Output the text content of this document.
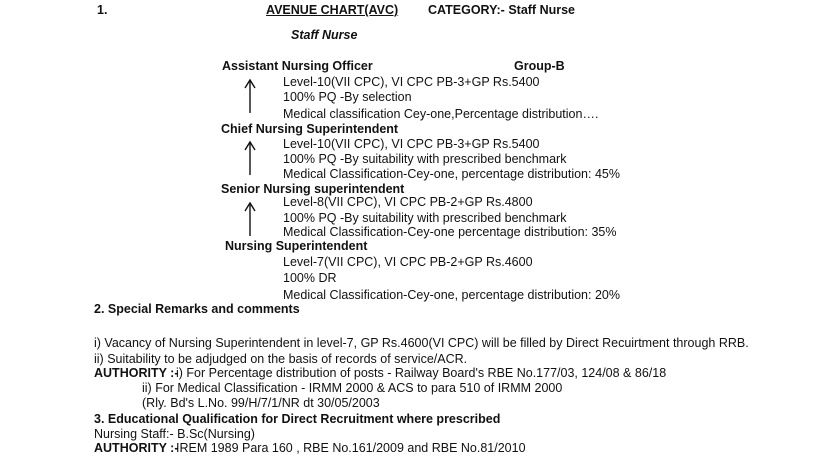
1.	AVENUE CHART(AVC) CATEGORY:- Staff Nurse
Staff Nurse
Assistant Nursing Officer	Group-B
Level-10(VII CPC), VI CPC PB-3+GP Rs.5400
100% PQ -By selection
Medical classification Cey-one,Percentage distribution….
Chief Nursing Superintendent
Level-10(VII CPC), VI CPC PB-3+GP Rs.5400
100% PQ -By suitability with prescribed benchmark
Medical Classification-Cey-one, percentage distribution: 45%
Senior Nursing superintendent
Level-8(VII CPC), VI CPC PB-2+GP Rs.4800
100% PQ -By suitability with prescribed benchmark
Medical Classification-Cey-one percentage distribution: 35%
Nursing Superintendent
Level-7(VII CPC), VI CPC PB-2+GP Rs.4600
100% DR
Medical Classification-Cey-one, percentage distribution: 20%
2. Special Remarks and comments
i) Vacancy of Nursing Superintendent in level-7, GP Rs.4600(VI CPC) will be filled by Direct Recuirtment through RRB.
ii) Suitability to be adjudged on the basis of records of service/ACR.
AUTHORITY :-
i) For Percentage distribution of posts - Railway Board's RBE No.177/03, 124/08 & 86/18
ii) For Medical Classification - IRMM 2000 & ACS to para 510 of IRMM 2000
(Rly. Bd's L.No. 99/H/7/1/NR dt 30/05/2003
3. Educational Qualification for Direct Recruitment where prescribed
Nursing Staff:- B.Sc(Nursing)
AUTHORITY :-
IREM 1989 Para 160 , RBE No.161/2009 and RBE No.81/2010
